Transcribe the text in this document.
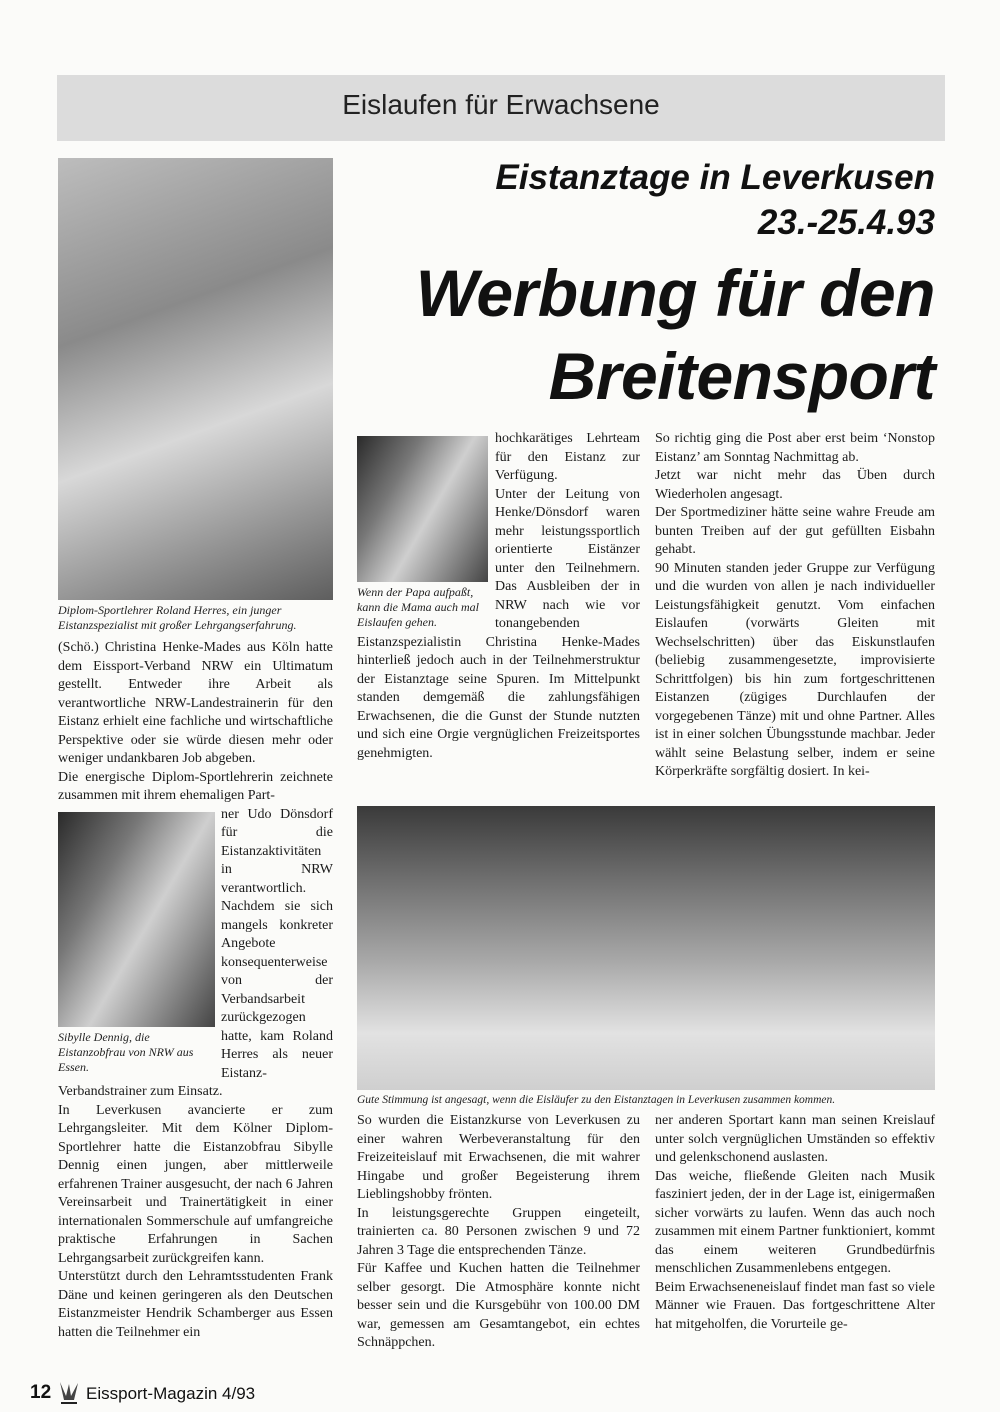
Eislaufen für Erwachsene
Eistanztage in Leverkusen
23.-25.4.93
Werbung für den
Breitensport
Diplom-Sportlehrer Roland Herres, ein junger Eistanzspezialist mit großer Lehrgangserfahrung.

(Schö.) Christina Henke-Mades aus Köln hatte dem Eissport-Verband NRW ein Ultimatum gestellt. Entweder ihre Arbeit als verantwortliche NRW-Landestrainerin für den Eistanz erhielt eine fachliche und wirtschaftliche Perspektive oder sie würde diesen mehr oder weniger undankbaren Job abgeben.

Die energische Diplom-Sportlehrerin zeichnete zusammen mit ihrem ehemaligen Part-

Sibylle Dennig, die Eistanzobfrau von NRW aus Essen.

ner Udo Dönsdorf für die Eistanzaktivitäten in NRW verantwortlich. Nachdem sie sich mangels konkreter Angebote konsequenterweise von der Verbandsarbeit zurückgezogen hatte, kam Roland Herres als neuer Eistanz-Verbandstrainer zum Einsatz.

In Leverkusen avancierte er zum Lehrgangsleiter. Mit dem Kölner Diplom-Sportlehrer hatte die Eistanzobfrau Sibylle Dennig einen jungen, aber mittlerweile erfahrenen Trainer ausgesucht, der nach 6 Jahren Vereinsarbeit und Trainertätigkeit in einer internationalen Sommerschule auf umfangreiche praktische Erfahrungen in Sachen Lehrgangsarbeit zurückgreifen kann.

Unterstützt durch den Lehramtsstudenten Frank Däne und keinen geringeren als den Deutschen Eistanzmeister Hendrik Schamberger aus Essen hatten die Teilnehmer ein

Wenn der Papa aufpaßt, kann die Mama auch mal Eislaufen gehen.

hochkarätiges Lehrteam für den Eistanz zur Verfügung.

Unter der Leitung von Henke/Dönsdorf waren mehr leistungssportlich orientierte Eistänzer unter den Teilnehmern. Das Ausbleiben der in NRW nach wie vor tonangebenden Eistanzspezialistin Christina Henke-Mades hinterließ jedoch auch in der Teilnehmerstruktur der Eistanztage seine Spuren. Im Mittelpunkt standen demgemäß die zahlungsfähigen Erwachsenen, die die Gunst der Stunde nutzten und sich eine Orgie vergnüglichen Freizeitsportes genehmigten.

So richtig ging die Post aber erst beim ‘Nonstop Eistanz’ am Sonntag Nachmittag ab.

Jetzt war nicht mehr das Üben durch Wiederholen angesagt.

Der Sportmediziner hätte seine wahre Freude am bunten Treiben auf der gut gefüllten Eisbahn gehabt.

90 Minuten standen jeder Gruppe zur Verfügung und die wurden von allen je nach individueller Leistungsfähigkeit genutzt. Vom einfachen Eislaufen (vorwärts Gleiten mit Wechselschritten) über das Eiskunstlaufen (beliebig zusammengesetzte, improvisierte Schrittfolgen) bis hin zum fortgeschrittenen Eistanzen (zügiges Durchlaufen der vorgegebenen Tänze) mit und ohne Partner. Alles ist in einer solchen Übungsstunde machbar. Jeder wählt seine Belastung selber, indem er seine Körperkräfte sorgfältig dosiert. In kei-

Gute Stimmung ist angesagt, wenn die Eisläufer zu den Eistanztagen in Leverkusen zusammen kommen.

So wurden die Eistanzkurse von Leverkusen zu einer wahren Werbeveranstaltung für den Freizeiteislauf mit Erwachsenen, die mit wahrer Hingabe und großer Begeisterung ihrem Lieblingshobby frönten.

In leistungsgerechte Gruppen eingeteilt, trainierten ca. 80 Personen zwischen 9 und 72 Jahren 3 Tage die entsprechenden Tänze.

Für Kaffee und Kuchen hatten die Teilnehmer selber gesorgt. Die Atmosphäre konnte nicht besser sein und die Kursgebühr von 100.00 DM war, gemessen am Gesamtangebot, ein echtes Schnäppchen.

ner anderen Sportart kann man seinen Kreislauf unter solch vergnüglichen Umständen so effektiv und gelenkschonend auslasten.

Das weiche, fließende Gleiten nach Musik fasziniert jeden, der in der Lage ist, einigermaßen sicher vorwärts zu laufen. Wenn das auch noch zusammen mit einem Partner funktioniert, kommt das einem weiteren Grundbedürfnis menschlichen Zusammenlebens entgegen.

Beim Erwachseneneislauf findet man fast so viele Männer wie Frauen. Das fortgeschrittene Alter hat mitgeholfen, die Vorurteile ge-

12 Eissport-Magazin 4/93
